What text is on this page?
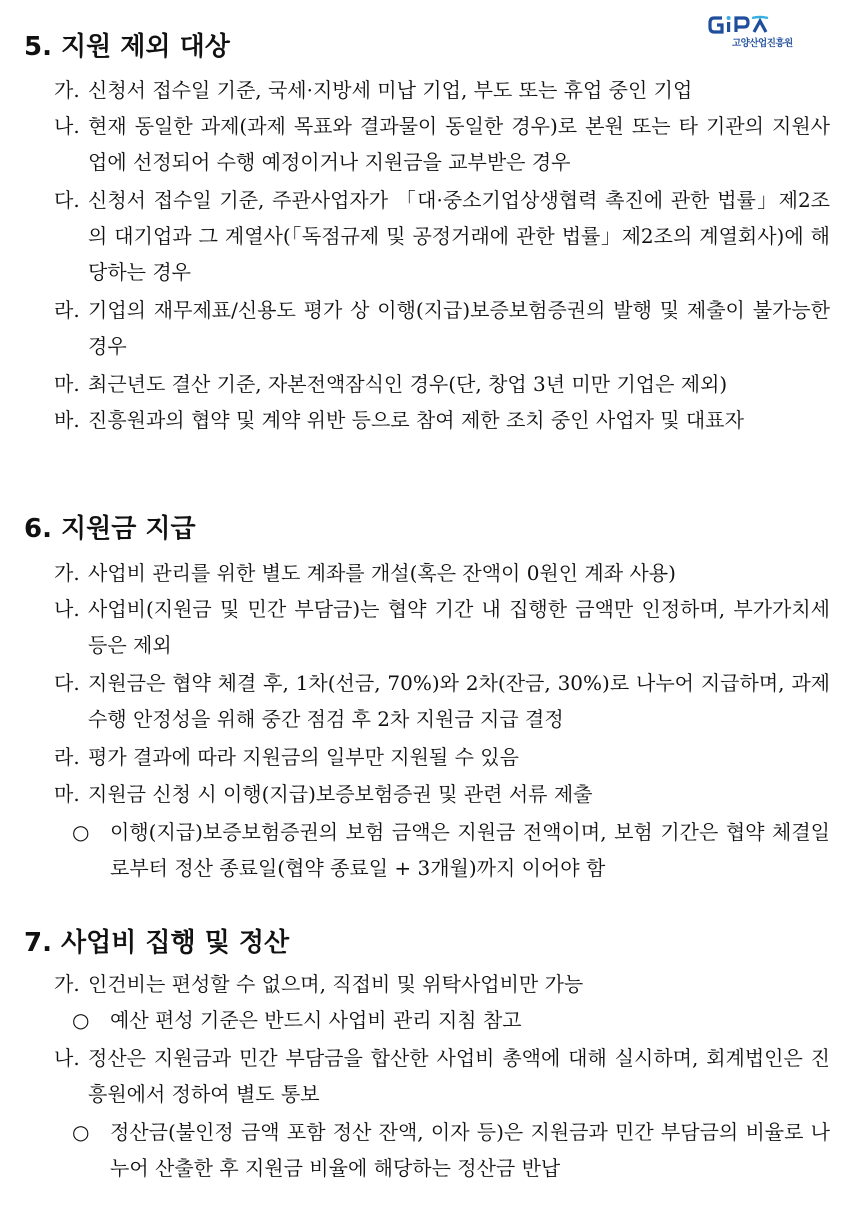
고양산업진흥원
5. 지원 제외 대상
가. 신청서 접수일 기준, 국세·지방세 미납 기업, 부도 또는 휴업 중인 기업
나. 현재 동일한 과제(과제 목표와 결과물이 동일한 경우)로 본원 또는 타 기관의 지원사업에 선정되어 수행 예정이거나 지원금을 교부받은 경우
다. 신청서 접수일 기준, 주관사업자가 「대·중소기업상생협력 촉진에 관한 법률」제2조의 대기업과 그 계열사(「독점규제 및 공정거래에 관한 법률」제2조의 계열회사)에 해당하는 경우
라. 기업의 재무제표/신용도 평가 상 이행(지급)보증보험증권의 발행 및 제출이 불가능한 경우
마. 최근년도 결산 기준, 자본전액잠식인 경우(단, 창업 3년 미만 기업은 제외)
바. 진흥원과의 협약 및 계약 위반 등으로 참여 제한 조치 중인 사업자 및 대표자
6. 지원금 지급
가. 사업비 관리를 위한 별도 계좌를 개설(혹은 잔액이 0원인 계좌 사용)
나. 사업비(지원금 및 민간 부담금)는 협약 기간 내 집행한 금액만 인정하며, 부가가치세 등은 제외
다. 지원금은 협약 체결 후, 1차(선금, 70%)와 2차(잔금, 30%)로 나누어 지급하며, 과제 수행 안정성을 위해 중간 점검 후 2차 지원금 지급 결정
라. 평가 결과에 따라 지원금의 일부만 지원될 수 있음
마. 지원금 신청 시 이행(지급)보증보험증권 및 관련 서류 제출
○ 이행(지급)보증보험증권의 보험 금액은 지원금 전액이며, 보험 기간은 협약 체결일로부터 정산 종료일(협약 종료일 + 3개월)까지 이어야 함
7. 사업비 집행 및 정산
가. 인건비는 편성할 수 없으며, 직접비 및 위탁사업비만 가능
○ 예산 편성 기준은 반드시 사업비 관리 지침 참고
나. 정산은 지원금과 민간 부담금을 합산한 사업비 총액에 대해 실시하며, 회계법인은 진흥원에서 정하여 별도 통보
○ 정산금(불인정 금액 포함 정산 잔액, 이자 등)은 지원금과 민간 부담금의 비율로 나누어 산출한 후 지원금 비율에 해당하는 정산금 반납
